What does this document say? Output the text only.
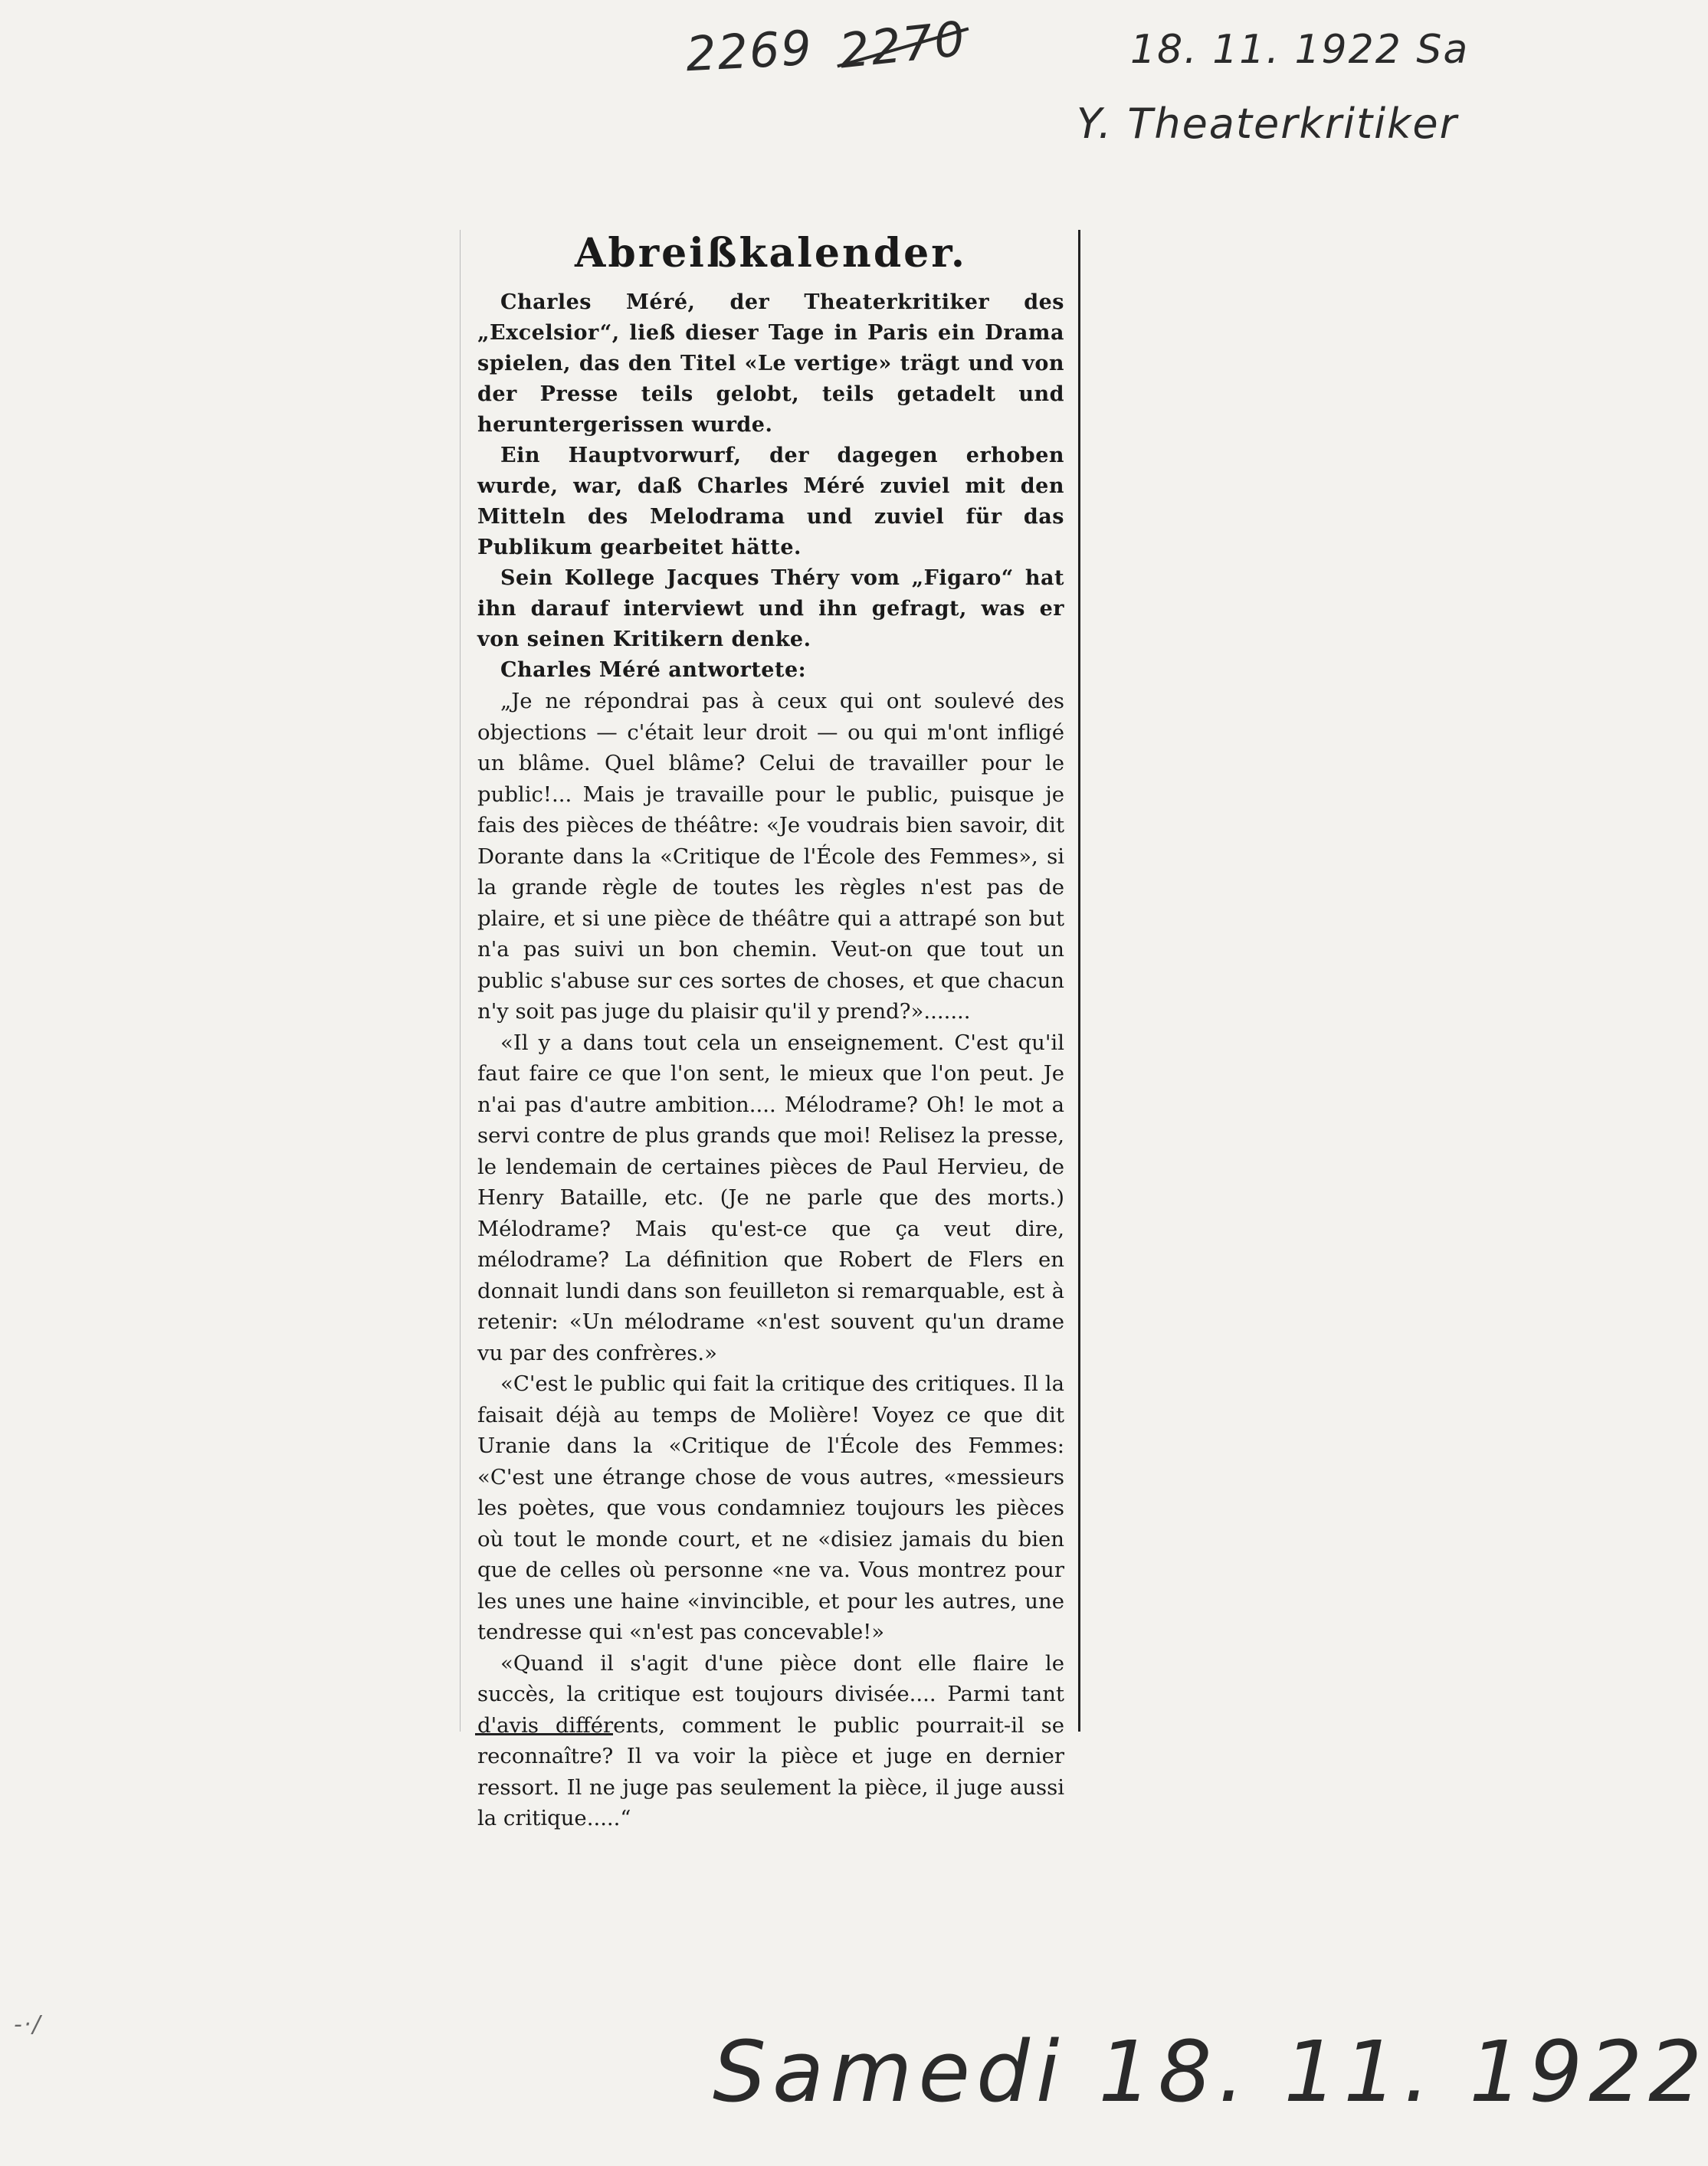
2269 2270	18. 11. 1922 Sa
Y. Theaterkritiker
Abreißkalender.

Charles Méré, der Theaterkritiker des „Excelsior“, ließ dieser Tage in Paris ein Drama spielen, das den Titel «Le vertige» trägt und von der Presse teils gelobt, teils getadelt und heruntergerissen wurde.

Ein Hauptvorwurf, der dagegen erhoben wurde, war, daß Charles Méré zuviel mit den Mitteln des Melodrama und zuviel für das Publikum gearbeitet hätte.

Sein Kollege Jacques Théry vom „Figaro“ hat ihn darauf interviewt und ihn gefragt, was er von seinen Kritikern denke.

Charles Méré antwortete:

„Je ne répondrai pas à ceux qui ont soulevé des objections — c'était leur droit — ou qui m'ont infligé un blâme. Quel blâme? Celui de travailler pour le public!... Mais je travaille pour le public, puisque je fais des pièces de théâtre: «Je voudrais bien savoir, dit Dorante dans la «Critique de l'École des Femmes», si la grande règle de toutes les règles n'est pas de plaire, et si une pièce de théâtre qui a attrapé son but n'a pas suivi un bon chemin. Veut-on que tout un public s'abuse sur ces sortes de choses, et que chacun n'y soit pas juge du plaisir qu'il y prend?».......

«Il y a dans tout cela un enseignement. C'est qu'il faut faire ce que l'on sent, le mieux que l'on peut. Je n'ai pas d'autre ambition.... Mélodrame? Oh! le mot a servi contre de plus grands que moi! Relisez la presse, le lendemain de certaines pièces de Paul Hervieu, de Henry Bataille, etc. (Je ne parle que des morts.) Mélodrame? Mais qu'est-ce que ça veut dire, mélodrame? La définition que Robert de Flers en donnait lundi dans son feuilleton si remarquable, est à retenir: «Un mélodrame «n'est souvent qu'un drame vu par des confrères.»

«C'est le public qui fait la critique des critiques. Il la faisait déjà au temps de Molière! Voyez ce que dit Uranie dans la «Critique de l'École des Femmes: «C'est une étrange chose de vous autres, «messieurs les poètes, que vous condamniez toujours les pièces où tout le monde court, et ne «disiez jamais du bien que de celles où personne «ne va. Vous montrez pour les unes une haine «invincible, et pour les autres, une tendresse qui «n'est pas concevable!»

«Quand il s'agit d'une pièce dont elle flaire le succès, la critique est toujours divisée.... Parmi tant d'avis différents, comment le public pourrait-il se reconnaître? Il va voir la pièce et juge en dernier ressort. Il ne juge pas seulement la pièce, il juge aussi la critique.....“

-·/	Samedi 18. 11. 1922
